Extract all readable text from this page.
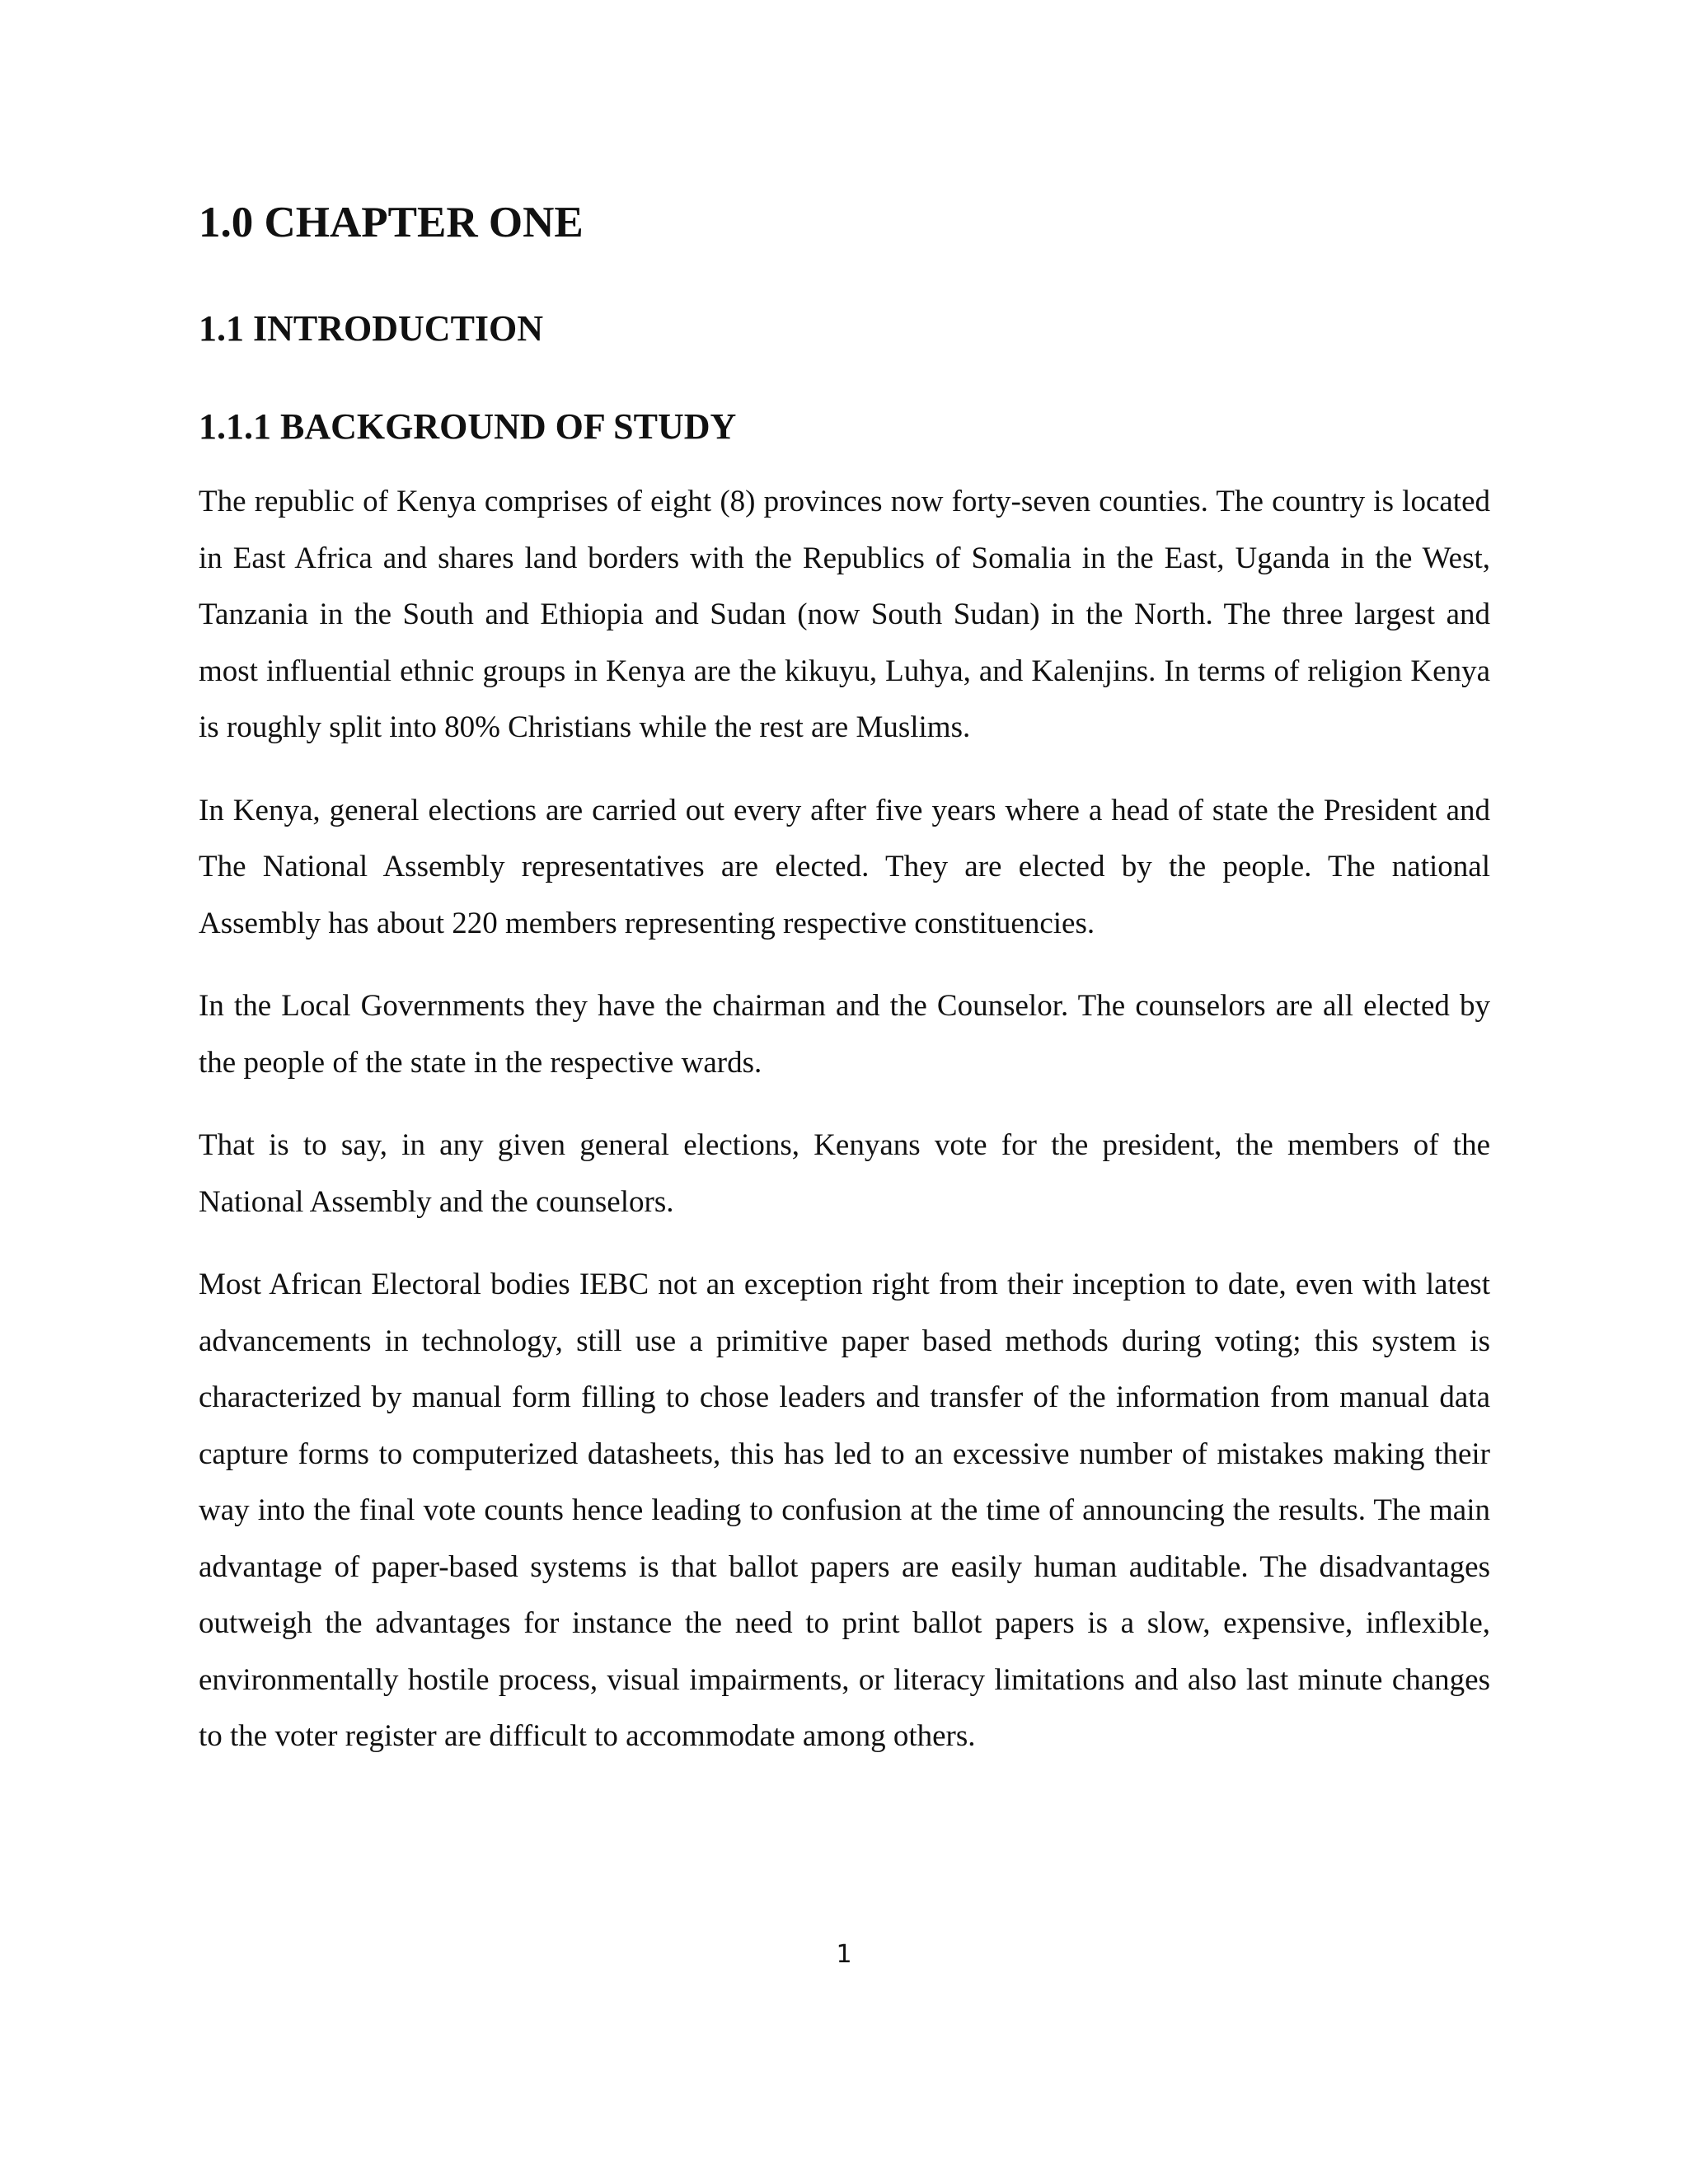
1.0 CHAPTER ONE
1.1 INTRODUCTION
1.1.1 BACKGROUND OF STUDY

The republic of Kenya comprises of eight (8) provinces now forty-seven counties. The country is located in East Africa and shares land borders with the Republics of Somalia in the East, Uganda in the West, Tanzania in the South and Ethiopia and Sudan (now South Sudan) in the North. The three largest and most influential ethnic groups in Kenya are the kikuyu, Luhya, and Kalenjins. In terms of religion Kenya is roughly split into 80% Christians while the rest are Muslims.

In Kenya, general elections are carried out every after five years where a head of state the President and The National Assembly representatives are elected. They are elected by the people. The national Assembly has about 220 members representing respective constituencies.

In the Local Governments they have the chairman and the Counselor. The counselors are all elected by the people of the state in the respective wards.

That is to say, in any given general elections, Kenyans vote for the president, the members of the National Assembly and the counselors.

Most African Electoral bodies IEBC not an exception right from their inception to date, even with latest advancements in technology, still use a primitive paper based methods during voting; this system is characterized by manual form filling to chose leaders and transfer of the information from manual data capture forms to computerized datasheets, this has led to an excessive number of mistakes making their way into the final vote counts hence leading to confusion at the time of announcing the results. The main advantage of paper-based systems is that ballot papers are easily human auditable. The disadvantages outweigh the advantages for instance the need to print ballot papers is a slow, expensive, inflexible, environmentally hostile process, visual impairments, or literacy limitations and also last minute changes to the voter register are difficult to accommodate among others.

1
